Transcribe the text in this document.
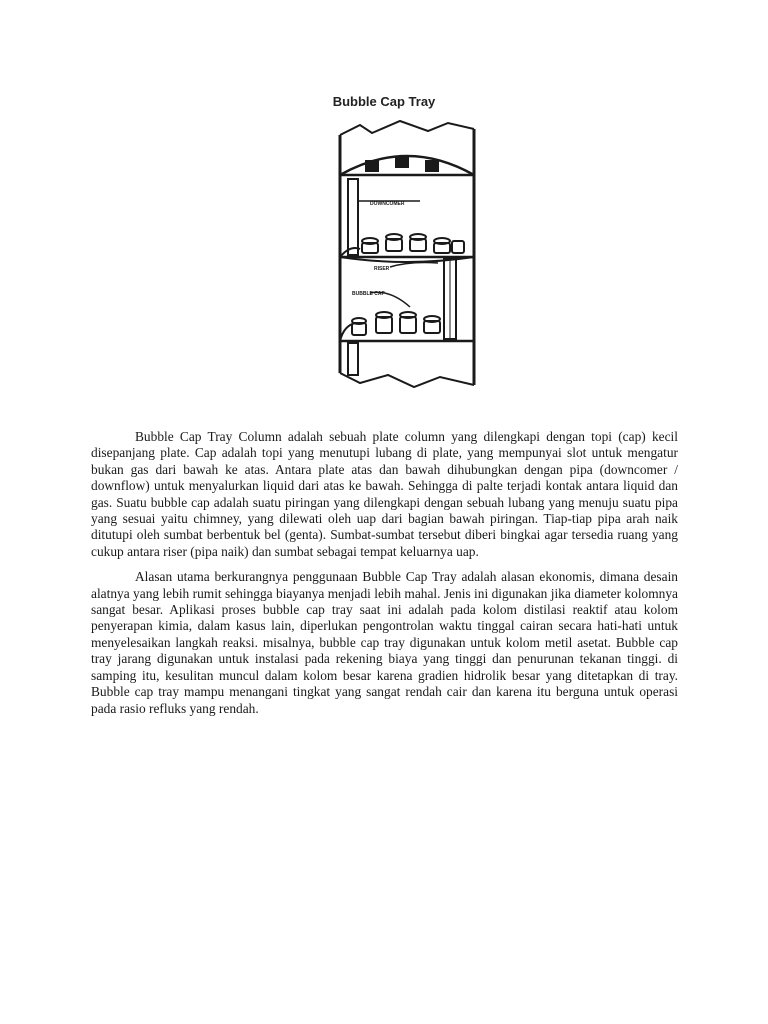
Bubble Cap Tray
DOWNCOMER
RISER
BUBBLE CAP

Bubble Cap Tray Column adalah sebuah plate column yang dilengkapi dengan topi (cap) kecil disepanjang plate. Cap adalah topi yang menutupi lubang di plate, yang mempunyai slot untuk mengatur bukan gas dari bawah ke atas. Antara plate atas dan bawah dihubungkan dengan pipa (downcomer / downflow) untuk menyalurkan liquid dari atas ke bawah. Sehingga di palte terjadi kontak antara liquid dan gas. Suatu bubble cap adalah suatu piringan yang dilengkapi dengan sebuah lubang yang menuju suatu pipa yang sesuai yaitu chimney, yang dilewati oleh uap dari bagian bawah piringan. Tiap-tiap pipa arah naik ditutupi oleh sumbat berbentuk bel (genta). Sumbat-sumbat tersebut diberi bingkai agar tersedia ruang yang cukup antara riser (pipa naik) dan sumbat sebagai tempat keluarnya uap.

Alasan utama berkurangnya penggunaan Bubble Cap Tray adalah alasan ekonomis, dimana desain alatnya yang lebih rumit sehingga biayanya menjadi lebih mahal. Jenis ini digunakan jika diameter kolomnya sangat besar. Aplikasi proses bubble cap tray saat ini adalah pada kolom distilasi reaktif atau kolom penyerapan kimia, dalam kasus lain, diperlukan pengontrolan waktu tinggal cairan secara hati-hati untuk menyelesaikan langkah reaksi. misalnya, bubble cap tray digunakan untuk kolom metil asetat. Bubble cap tray jarang digunakan untuk instalasi pada rekening biaya yang tinggi dan penurunan tekanan tinggi. di samping itu, kesulitan muncul dalam kolom besar karena gradien hidrolik besar yang ditetapkan di tray. Bubble cap tray mampu menangani tingkat yang sangat rendah cair dan karena itu berguna untuk operasi pada rasio refluks yang rendah.
